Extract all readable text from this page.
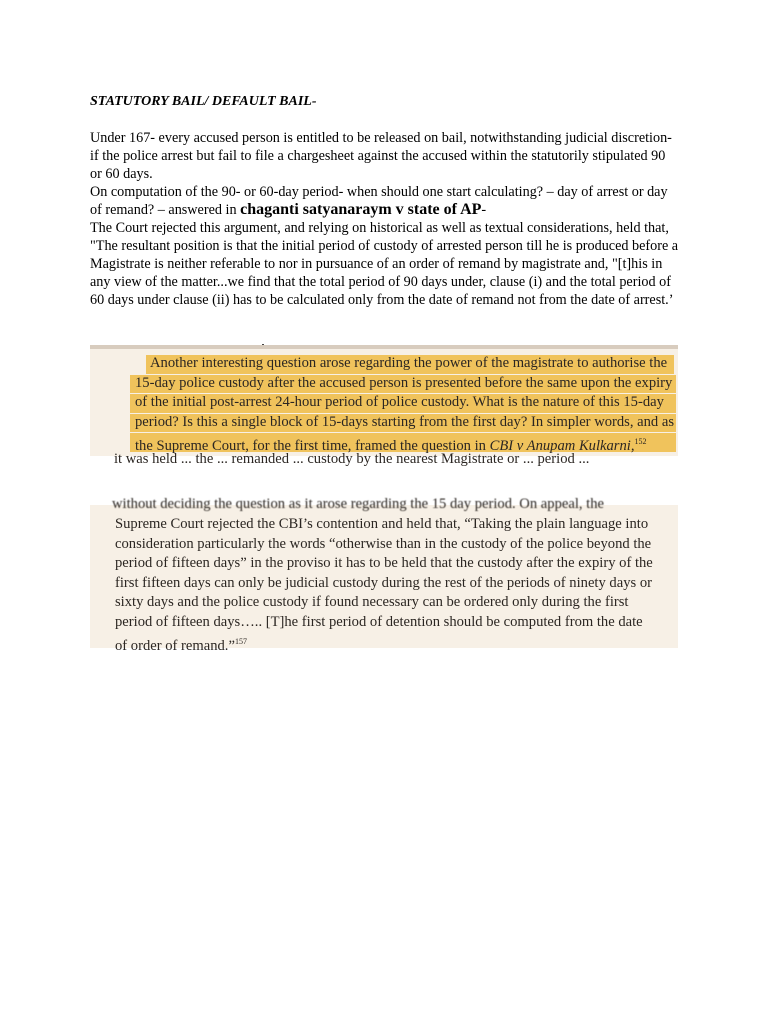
STATUTORY BAIL/ DEFAULT BAIL-

Under 167- every accused person is entitled to be released on bail, notwithstanding judicial discretion- if the police arrest but fail to file a chargesheet against the accused within the statutorily stipulated 90 or 60 days.

On computation of the 90- or 60-day period- when should one start calculating? – day of arrest or day of remand? – answered in chaganti satyanaraym v state of AP-

The Court rejected this argument, and relying on historical as well as textual considerations, held that, "The resultant position is that the initial period of custody of arrested person till he is produced before a Magistrate is neither referable to nor in pursuance of an order of remand by magistrate and, "[t]his in any view of the matter...we find that the total period of 90 days under, clause (i) and the total period of 60 days under clause (ii) has to be calculated only from the date of remand not from the date of arrest.’

Another interesting question arose regarding the power of the magistrate to authorise the
15-day police custody after the accused person is presented before the same upon the expiry
of the initial post-arrest 24-hour period of police custody. What is the nature of this 15-day
period? Is this a single block of 15-days starting from the first day? In simpler words, and as
the Supreme Court, for the first time, framed the question in CBI v Anupam Kulkarni,$^{152}$
it was held ... the ... remanded ... custody by the nearest Magistrate or ... period ...
without deciding the question as it arose regarding the 15 day period. On appeal, the
Supreme Court rejected the CBI’s contention and held that, “Taking the plain language into
consideration particularly the words “otherwise than in the custody of the police beyond the
period of fifteen days” in the proviso it has to be held that the custody after the expiry of the
first fifteen days can only be judicial custody during the rest of the periods of ninety days or
sixty days and the police custody if found necessary can be ordered only during the first
period of fifteen days….. [T]he first period of detention should be computed from the date
of order of remand.”$^{157}$
